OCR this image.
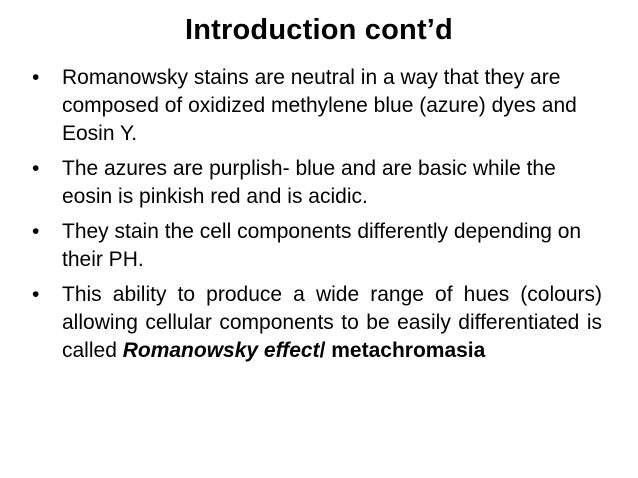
Introduction cont’d
•	Romanowsky stains are neutral in a way that they are composed of oxidized methylene blue (azure) dyes and Eosin Y.
•	The azures are purplish- blue and are basic while the eosin is pinkish red and is acidic.
•	They stain the cell components differently depending on their PH.
•	This ability to produce a wide range of hues (colours) allowing cellular components to be easily differentiated is called Romanowsky effect/ metachromasia
